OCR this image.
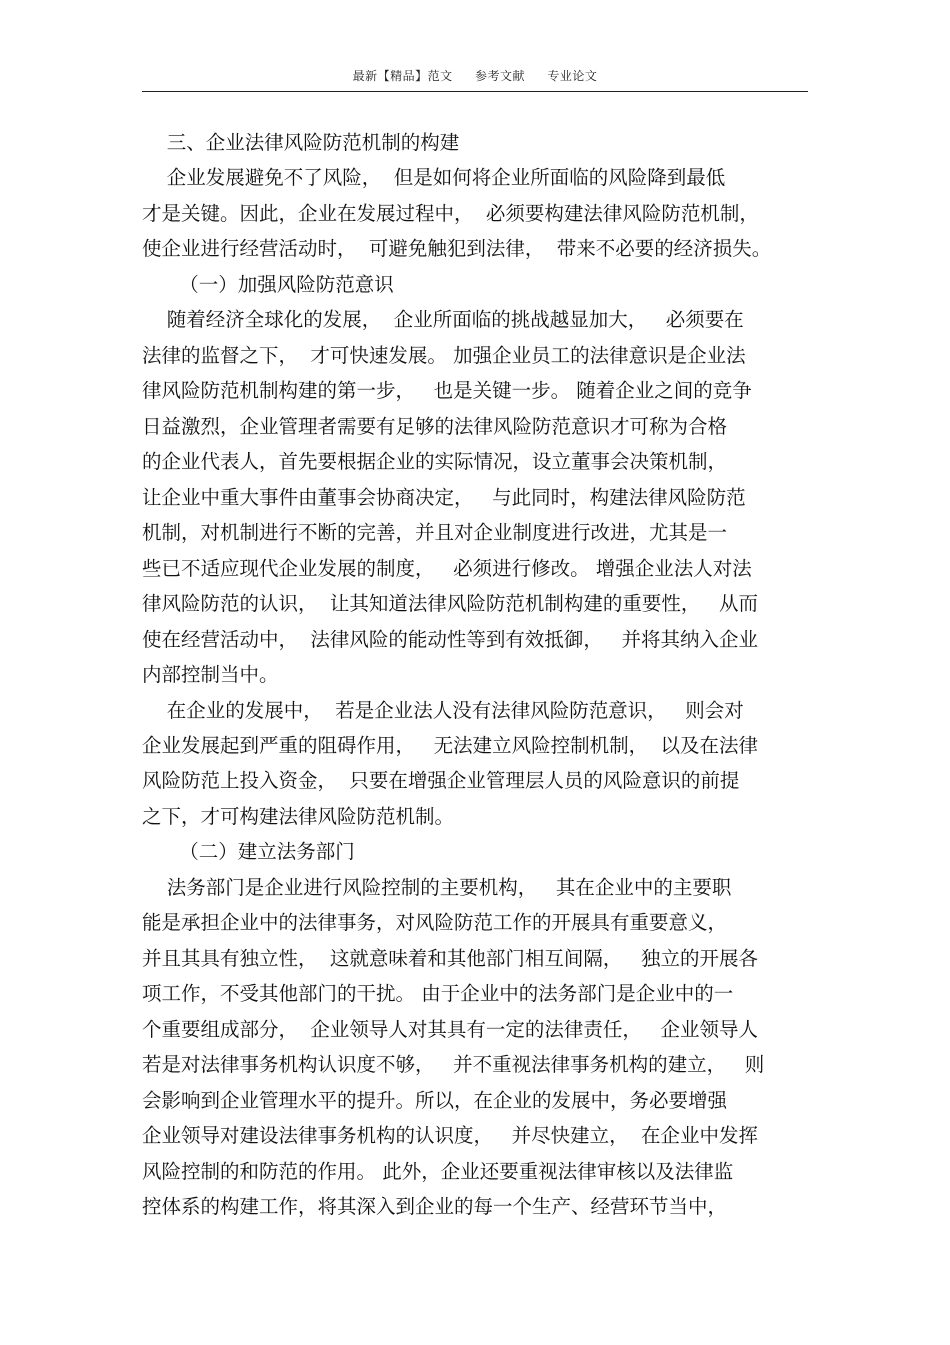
最新【精品】范文 参考文献 专业论文
三、企业法律风险防范机制的构建
企业发展避免不了风险，  但是如何将企业所面临的风险降到最低
才是关键。因此，企业在发展过程中，  必须要构建法律风险防范机制，
使企业进行经营活动时，  可避免触犯到法律，  带来不必要的经济损失。
（一）加强风险防范意识
随着经济全球化的发展，  企业所面临的挑战越显加大，   必须要在
法律的监督之下，  才可快速发展。 加强企业员工的法律意识是企业法
律风险防范机制构建的第一步，   也是关键一步。 随着企业之间的竞争
日益激烈，企业管理者需要有足够的法律风险防范意识才可称为合格
的企业代表人，首先要根据企业的实际情况，设立董事会决策机制，
让企业中重大事件由董事会协商决定，   与此同时，构建法律风险防范
机制，对机制进行不断的完善，并且对企业制度进行改进，尤其是一
些已不适应现代企业发展的制度，   必须进行修改。 增强企业法人对法
律风险防范的认识，  让其知道法律风险防范机制构建的重要性，   从而
使在经营活动中，  法律风险的能动性等到有效抵御，   并将其纳入企业
内部控制当中。
在企业的发展中，  若是企业法人没有法律风险防范意识，   则会对
企业发展起到严重的阻碍作用，   无法建立风险控制机制，  以及在法律
风险防范上投入资金，  只要在增强企业管理层人员的风险意识的前提
之下，才可构建法律风险防范机制。
（二）建立法务部门
法务部门是企业进行风险控制的主要机构，   其在企业中的主要职
能是承担企业中的法律事务，对风险防范工作的开展具有重要意义，
并且其具有独立性，  这就意味着和其他部门相互间隔，   独立的开展各
项工作，不受其他部门的干扰。 由于企业中的法务部门是企业中的一
个重要组成部分，  企业领导人对其具有一定的法律责任，   企业领导人
若是对法律事务机构认识度不够，   并不重视法律事务机构的建立，   则
会影响到企业管理水平的提升。所以，在企业的发展中，务必要增强
企业领导对建设法律事务机构的认识度，   并尽快建立，  在企业中发挥
风险控制的和防范的作用。 此外，企业还要重视法律审核以及法律监
控体系的构建工作，将其深入到企业的每一个生产、经营环节当中，
